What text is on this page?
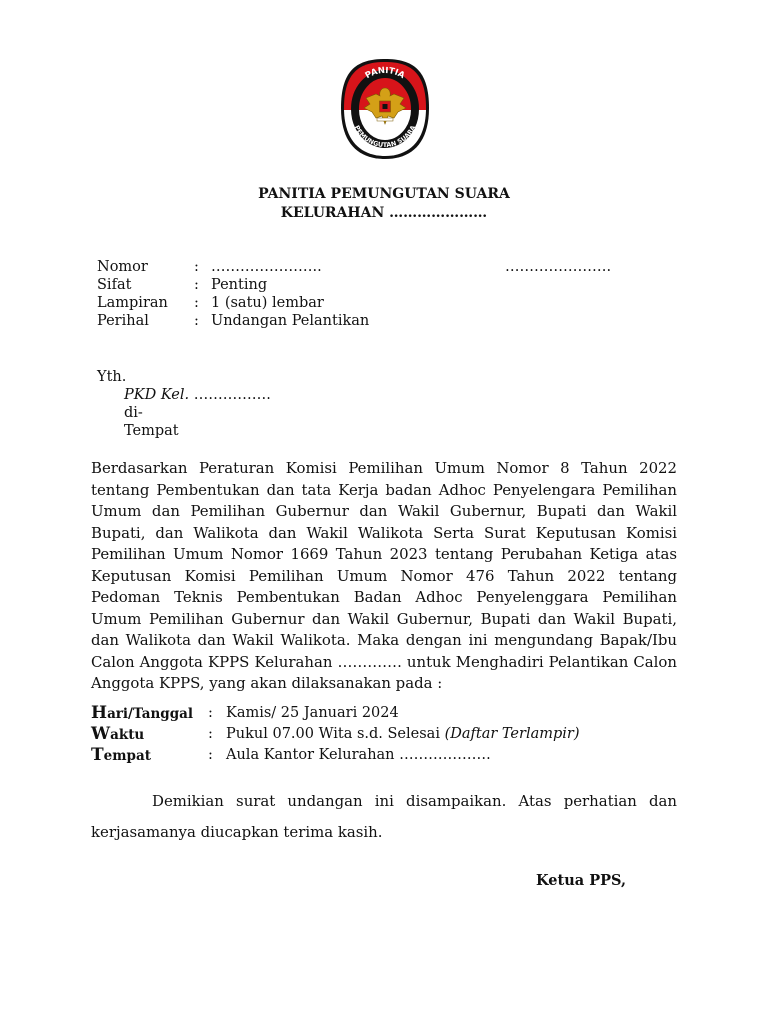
PANITIA
PEMUNGUTAN SUARA
PANITIA PEMUNGUTAN SUARA
KELURAHAN …………………
Nomor	: …………………..	………………….
Sifat	: Penting
Lampiran	: 1 (satu) lembar
Perihal	: Undangan Pelantikan
Yth.
PKD Kel. …………….
di-
Tempat

Berdasarkan Peraturan Komisi Pemilihan Umum Nomor 8 Tahun 2022 tentang Pembentukan dan tata Kerja badan Adhoc Penyelengara Pemilihan Umum dan Pemilihan Gubernur dan Wakil Gubernur, Bupati dan Wakil Bupati, dan Walikota dan Wakil Walikota Serta Surat Keputusan Komisi Pemilihan Umum Nomor 1669 Tahun 2023 tentang Perubahan Ketiga atas Keputusan Komisi Pemilihan Umum Nomor 476 Tahun 2022 tentang Pedoman Teknis Pembentukan Badan Adhoc Penyelenggara Pemilihan Umum Pemilihan Gubernur dan Wakil Gubernur, Bupati dan Wakil Bupati, dan Walikota dan Wakil Walikota. Maka dengan ini mengundang Bapak/Ibu Calon Anggota KPPS Kelurahan …………. untuk Menghadiri Pelantikan Calon Anggota KPPS, yang akan dilaksanakan pada :

Hari/Tanggal	: Kamis/ 25 Januari 2024
Waktu	: Pukul 07.00 Wita s.d. Selesai (Daftar Terlampir)
Tempat	: Aula Kantor Kelurahan ……………….

Demikian surat undangan ini disampaikan. Atas perhatian dan kerjasamanya diucapkan terima kasih.

Ketua PPS,
